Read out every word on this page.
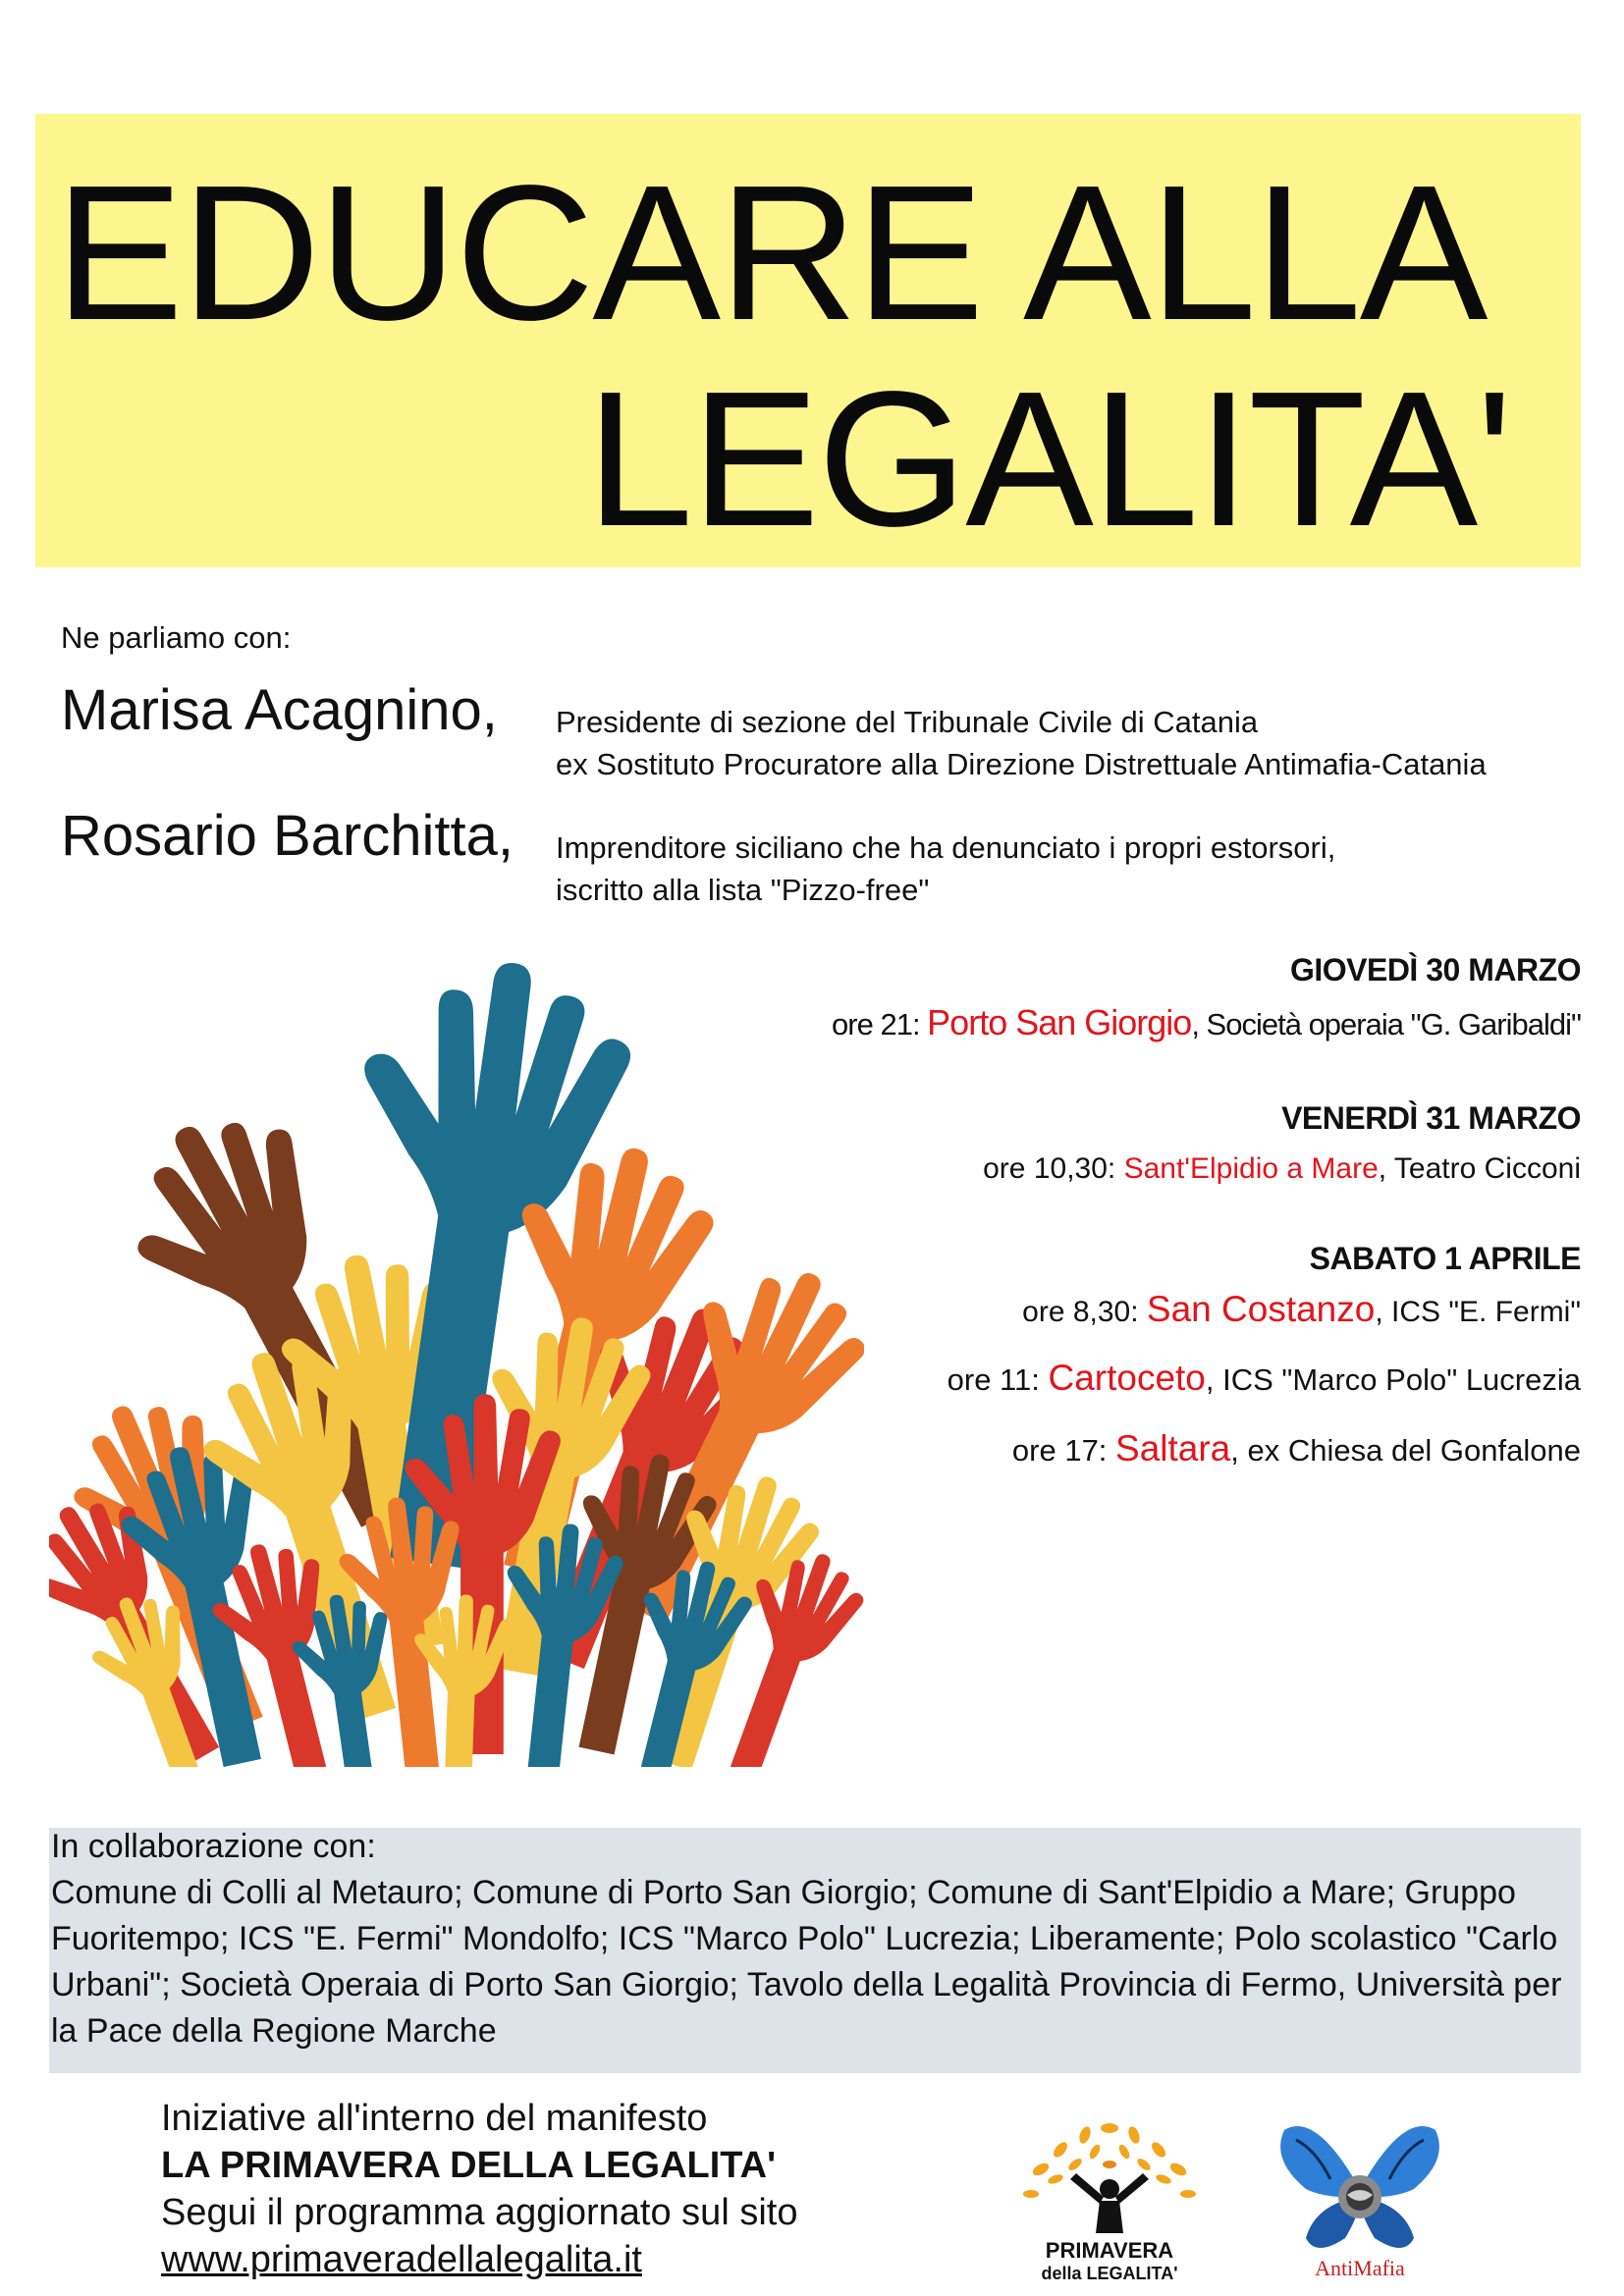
EDUCARE ALLA
LEGALITA'
Ne parliamo con:
Marisa Acagnino, Presidente di sezione del Tribunale Civile di Catania
ex Sostituto Procuratore alla Direzione Distrettuale Antimafia-Catania
Rosario Barchitta, Imprenditore siciliano che ha denunciato i propri estorsori,
iscritto alla lista "Pizzo-free"

GIOVEDÌ 30 MARZO

ore 21: Porto San Giorgio, Società operaia "G. Garibaldi"

VENERDÌ 31 MARZO

ore 10,30: Sant'Elpidio a Mare, Teatro Cicconi

SABATO 1 APRILE

ore 8,30: San Costanzo, ICS "E. Fermi"

ore 11: Cartoceto, ICS "Marco Polo" Lucrezia

ore 17: Saltara, ex Chiesa del Gonfalone

In collaborazione con:
Comune di Colli al Metauro; Comune di Porto San Giorgio; Comune di Sant'Elpidio a Mare; Gruppo Fuoritempo; ICS "E. Fermi" Mondolfo; ICS "Marco Polo" Lucrezia; Liberamente; Polo scolastico "Carlo Urbani"; Società Operaia di Porto San Giorgio; Tavolo della Legalità Provincia di Fermo, Università per la Pace della Regione Marche
Iniziative all'interno del manifesto
LA PRIMAVERA DELLA LEGALITA'
Segui il programma aggiornato sul sito
www.primaveradellalegalita.it	PRIMAVERA
della LEGALITA'	AntiMafia
